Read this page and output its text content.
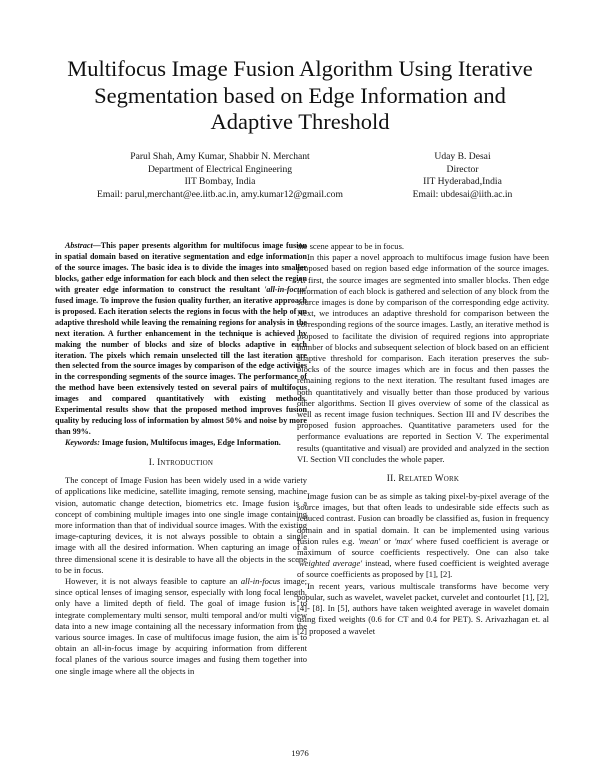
Multifocus Image Fusion Algorithm Using Iterative
Segmentation based on Edge Information and
Adaptive Threshold
Parul Shah, Amy Kumar, Shabbir N. Merchant
Department of Electrical Engineering
IIT Bombay, India
Email: parul,merchant@ee.iitb.ac.in, amy.kumar12@gmail.com
Uday B. Desai
Director
IIT Hyderabad,India
Email: ubdesai@iith.ac.in

Abstract—This paper presents algorithm for multifocus image fusion in spatial domain based on iterative segmentation and edge information of the source images. The basic idea is to divide the images into smaller blocks, gather edge information for each block and then select the region with greater edge information to construct the resultant 'all-in-focus' fused image. To improve the fusion quality further, an iterative approach is proposed. Each iteration selects the regions in focus with the help of an adaptive threshold while leaving the remaining regions for analysis in the next iteration. A further enhancement in the technique is achieved by making the number of blocks and size of blocks adaptive in each iteration. The pixels which remain unselected till the last iteration are then selected from the source images by comparison of the edge activities in the corresponding segments of the source images. The performance of the method have been extensively tested on several pairs of multifocus images and compared quantitatively with existing methods. Experimental results show that the proposed method improves fusion quality by reducing loss of information by almost 50% and noise by more than 99%.

Keywords: Image fusion, Multifocus images, Edge Information.
I. Introduction

The concept of Image Fusion has been widely used in a wide variety of applications like medicine, satellite imaging, remote sensing, machine vision, automatic change detection, biometrics etc. Image fusion is a concept of combining multiple images into one single image containing more information than that of individual source images. With the existing image-capturing devices, it is not always possible to obtain a single image with all the desired information. When capturing an image of a three dimensional scene it is desirable to have all the objects in the scene to be in focus.

However, it is not always feasible to capture an all-in-focus image; since optical lenses of imaging sensor, especially with long focal length, only have a limited depth of field. The goal of image fusion is to integrate complementary multi sensor, multi temporal and/or multi view data into a new image containing all the necessary information from the various source images. In case of multifocus image fusion, the aim is to obtain an all-in-focus image by acquiring information from different focal planes of the various source images and fusing them together into one single image where all the objects in

the scene appear to be in focus.

In this paper a novel approach to multifocus image fusion have been proposed based on region based edge information of the source images. At first, the source images are segmented into smaller blocks. Then edge information of each block is gathered and selection of any block from the source images is done by comparison of the corresponding edge activity. Next, we introduces an adaptive threshold for comparison between the corresponding regions of the source images. Lastly, an iterative method is proposed to facilitate the division of required regions into appropriate number of blocks and subsequent selection of block based on an efficient adaptive threshold for comparison. Each iteration preserves the sub-blocks of the source images which are in focus and then passes the remaining regions to the next iteration. The resultant fused images are both quantitatively and visually better than those produced by various other algorithms. Section II gives overview of some of the classical as well as recent image fusion techniques. Section III and IV describes the proposed fusion approaches. Quantitative parameters used for the performance evaluations are reported in Section V. The experimental results (quantitative and visual) are provided and analyzed in the section VI. Section VII concludes the whole paper.

II. Related Work

Image fusion can be as simple as taking pixel-by-pixel average of the source images, but that often leads to undesirable side effects such as reduced contrast. Fusion can broadly be classified as, fusion in frequency domain and in spatial domain. It can be implemented using various fusion rules e.g. 'mean' or 'max' where fused coefficient is average or maximum of source coefficients respectively. One can also take 'weighted average' instead, where fused coefficient is weighted average of source coefficients as proposed by [1], [2].

In recent years, various multiscale transforms have become very popular, such as wavelet, wavelet packet, curvelet and contourlet [1], [2], [4]- [8]. In [5], authors have taken weighted average in wavelet domain using fixed weights (0.6 for CT and 0.4 for PET). S. Arivazhagan et. al [2] proposed a wavelet

1976
